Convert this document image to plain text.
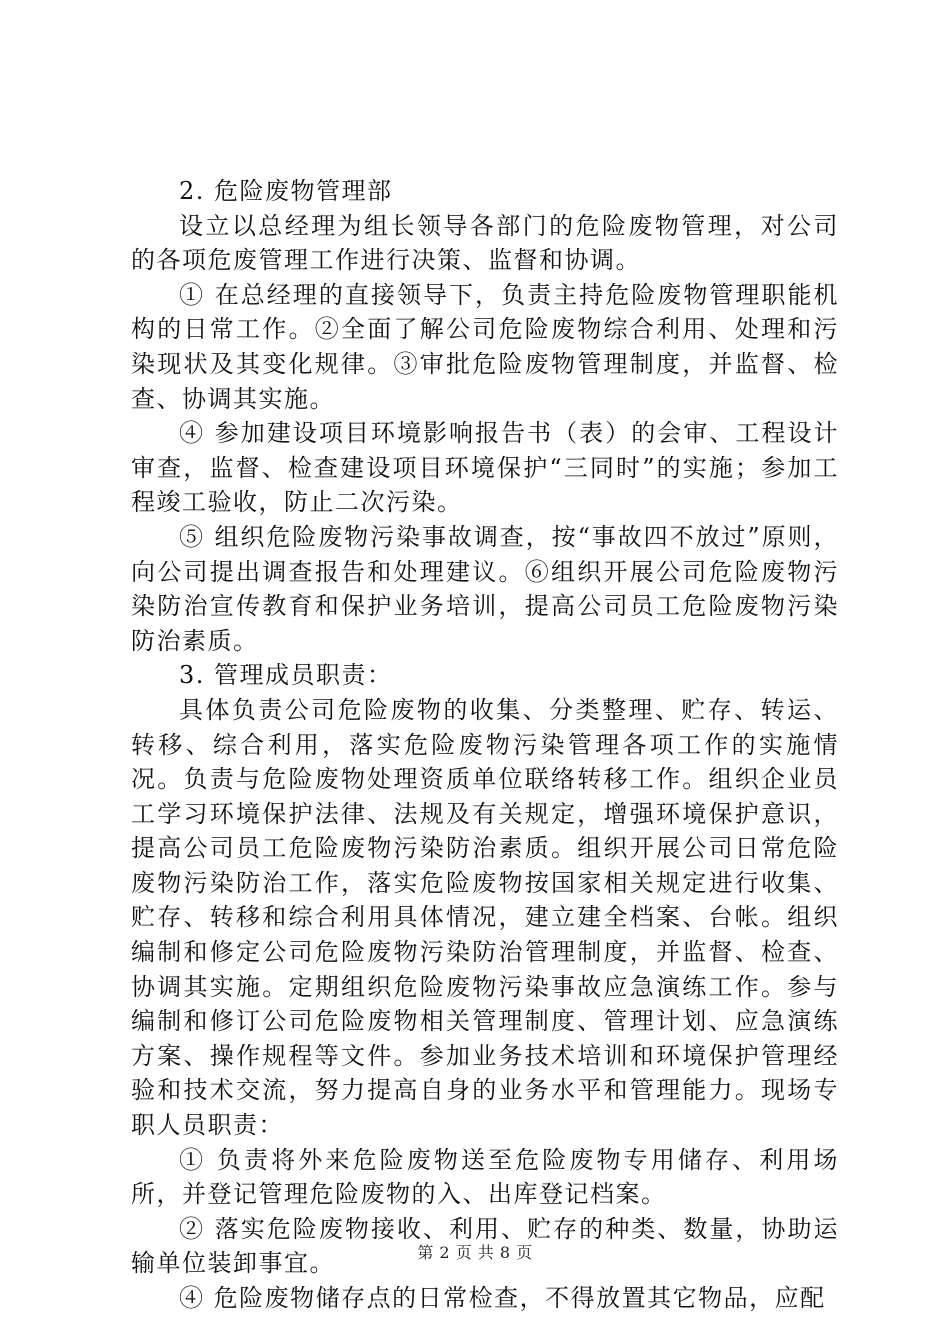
2. 危险废物管理部

设立以总经理为组长领导各部门的危险废物管理，对公司的各项危废管理工作进行决策、监督和协调。

① 在总经理的直接领导下，负责主持危险废物管理职能机构的日常工作。②全面了解公司危险废物综合利用、处理和污染现状及其变化规律。③审批危险废物管理制度，并监督、检查、协调其实施。

④ 参加建设项目环境影响报告书（表）的会审、工程设计审查，监督、检查建设项目环境保护“三同时”的实施；参加工程竣工验收，防止二次污染。

⑤ 组织危险废物污染事故调查，按“事故四不放过”原则，向公司提出调查报告和处理建议。⑥组织开展公司危险废物污染防治宣传教育和保护业务培训，提高公司员工危险废物污染防治素质。

3. 管理成员职责：

具体负责公司危险废物的收集、分类整理、贮存、转运、转移、综合利用，落实危险废物污染管理各项工作的实施情况。负责与危险废物处理资质单位联络转移工作。组织企业员工学习环境保护法律、法规及有关规定，增强环境保护意识，提高公司员工危险废物污染防治素质。组织开展公司日常危险废物污染防治工作，落实危险废物按国家相关规定进行收集、贮存、转移和综合利用具体情况，建立建全档案、台帐。组织编制和修定公司危险废物污染防治管理制度，并监督、检查、协调其实施。定期组织危险废物污染事故应急演练工作。参与编制和修订公司危险废物相关管理制度、管理计划、应急演练方案、操作规程等文件。参加业务技术培训和环境保护管理经验和技术交流，努力提高自身的业务水平和管理能力。现场专职人员职责：

① 负责将外来危险废物送至危险废物专用储存、利用场所，并登记管理危险废物的入、出库登记档案。

② 落实危险废物接收、利用、贮存的种类、数量，协助运输单位装卸事宜。

④ 危险废物储存点的日常检查，不得放置其它物品，应配

第 2 页 共 8 页
